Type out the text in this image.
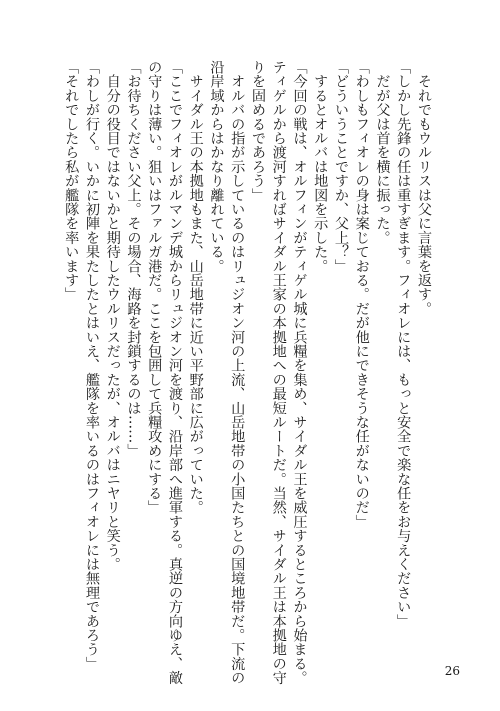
　それでもウルリスは父に言葉を返す。
「しかし先鋒の任は重すぎます。フィオレには、もっと安全で楽な任をお与えください」
　だが父は首を横に振った。
「わしもフィオレの身は案じておる。だが他にできそうな任がないのだ」
「どういうことですか、父上？」
　するとオルバは地図を示した。
「今回の戦は、オルフィンがティゲル城に兵糧を集め、サイダル王を威圧するところから始まる。
ティゲルから渡河すればサイダル王家の本拠地への最短ルートだ。当然、サイダル王は本拠地の守
りを固めるであろう」
　オルバの指が示しているのはリュジオン河の上流、山岳地帯の小国たちとの国境地帯だ。下流の
沿岸域からはかなり離れている。
　サイダル王の本拠地もまた、山岳地帯に近い平野部に広がっていた。
「ここでフィオレがルマンデ城からリュジオン河を渡り、沿岸部へ進軍する。真逆の方向ゆえ、敵
の守りは薄い。狙いはファルガ港だ。ここを包囲して兵糧攻めにする」
「お待ちください父上。その場合、海路を封鎖するのは……」
　自分の役目ではないかと期待したウルリスだったが、オルバはニヤリと笑う。
「わしが行く。いかに初陣を果たしたとはいえ、艦隊を率いるのはフィオレには無理であろう」
「それでしたら私が艦隊を率います」
26
